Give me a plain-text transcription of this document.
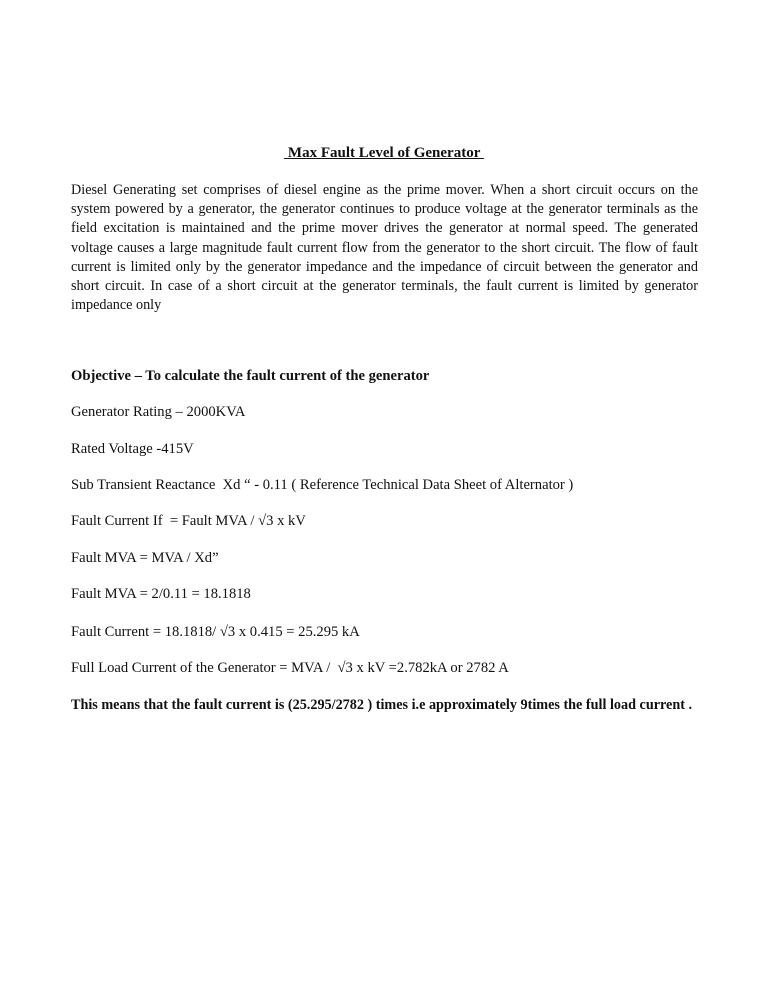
Max Fault Level of Generator

Diesel Generating set comprises of diesel engine as the prime mover. When a short circuit occurs on the system powered by a generator, the generator continues to produce voltage at the generator terminals as the field excitation is maintained and the prime mover drives the generator at normal speed. The generated voltage causes a large magnitude fault current flow from the generator to the short circuit. The flow of fault current is limited only by the generator impedance and the impedance of circuit between the generator and short circuit. In case of a short circuit at the generator terminals, the fault current is limited by generator impedance only

Objective – To calculate the fault current of the generator

Generator Rating – 2000KVA

Rated Voltage -415V

Sub Transient Reactance  Xd “ - 0.11 ( Reference Technical Data Sheet of Alternator )

Fault Current If  = Fault MVA / √3 x kV

Fault MVA = MVA / Xd”

Fault MVA = 2/0.11 = 18.1818

Fault Current = 18.1818/ √3 x 0.415 = 25.295 kA

Full Load Current of the Generator = MVA /  √3 x kV =2.782kA or 2782 A

This means that the fault current is (25.295/2782 ) times i.e approximately 9times the full load current .
